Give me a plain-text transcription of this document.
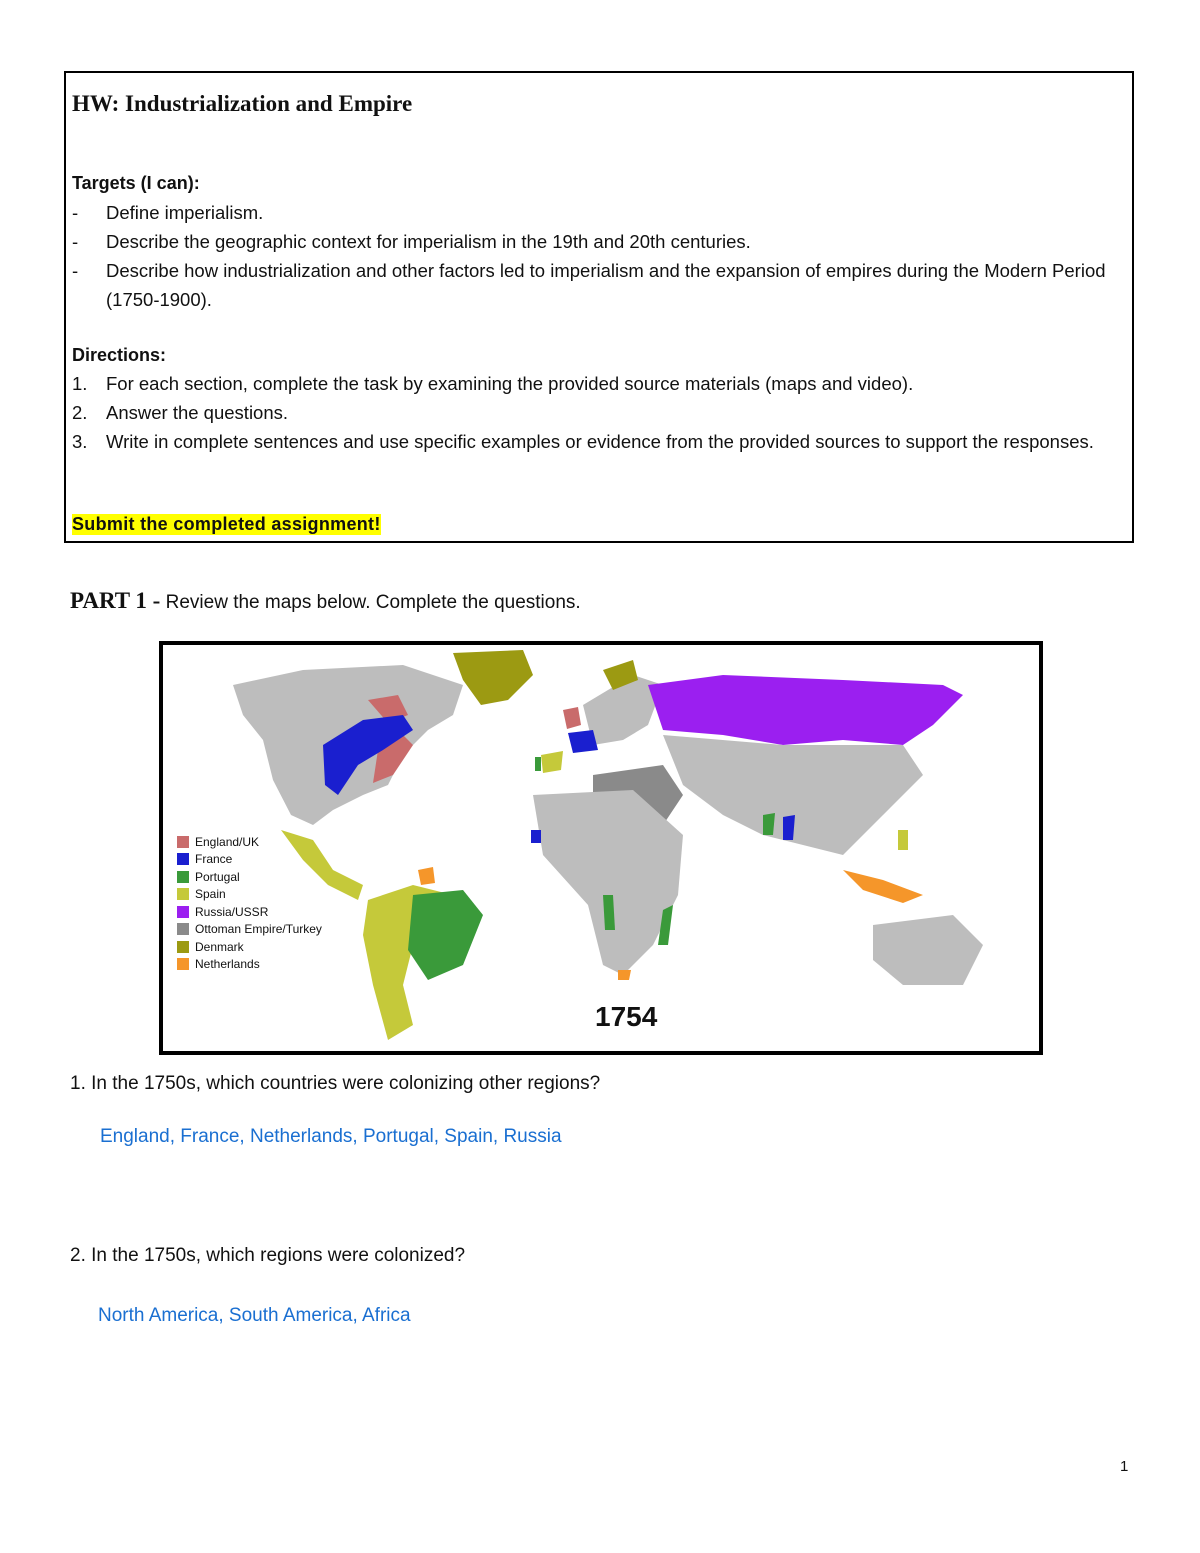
HW: Industrialization and Empire
Targets (I can):
- Define imperialism.
- Describe the geographic context for imperialism in the 19th and 20th centuries.
- Describe how industrialization and other factors led to imperialism and the expansion of empires during the Modern Period (1750-1900).
Directions:
1. For each section, complete the task by examining the provided source materials (maps and video).
2. Answer the questions.
3. Write in complete sentences and use specific examples or evidence from the provided sources to support the responses.
Submit the completed assignment!
PART 1 - Review the maps below. Complete the questions.
England/UK
France
Portugal
Spain
Russia/USSR
Ottoman Empire/Turkey
Denmark
Netherlands
1754
1. In the 1750s, which countries were colonizing other regions?
England, France, Netherlands, Portugal, Spain, Russia
2. In the 1750s, which regions were colonized?
North America, South America, Africa
1
